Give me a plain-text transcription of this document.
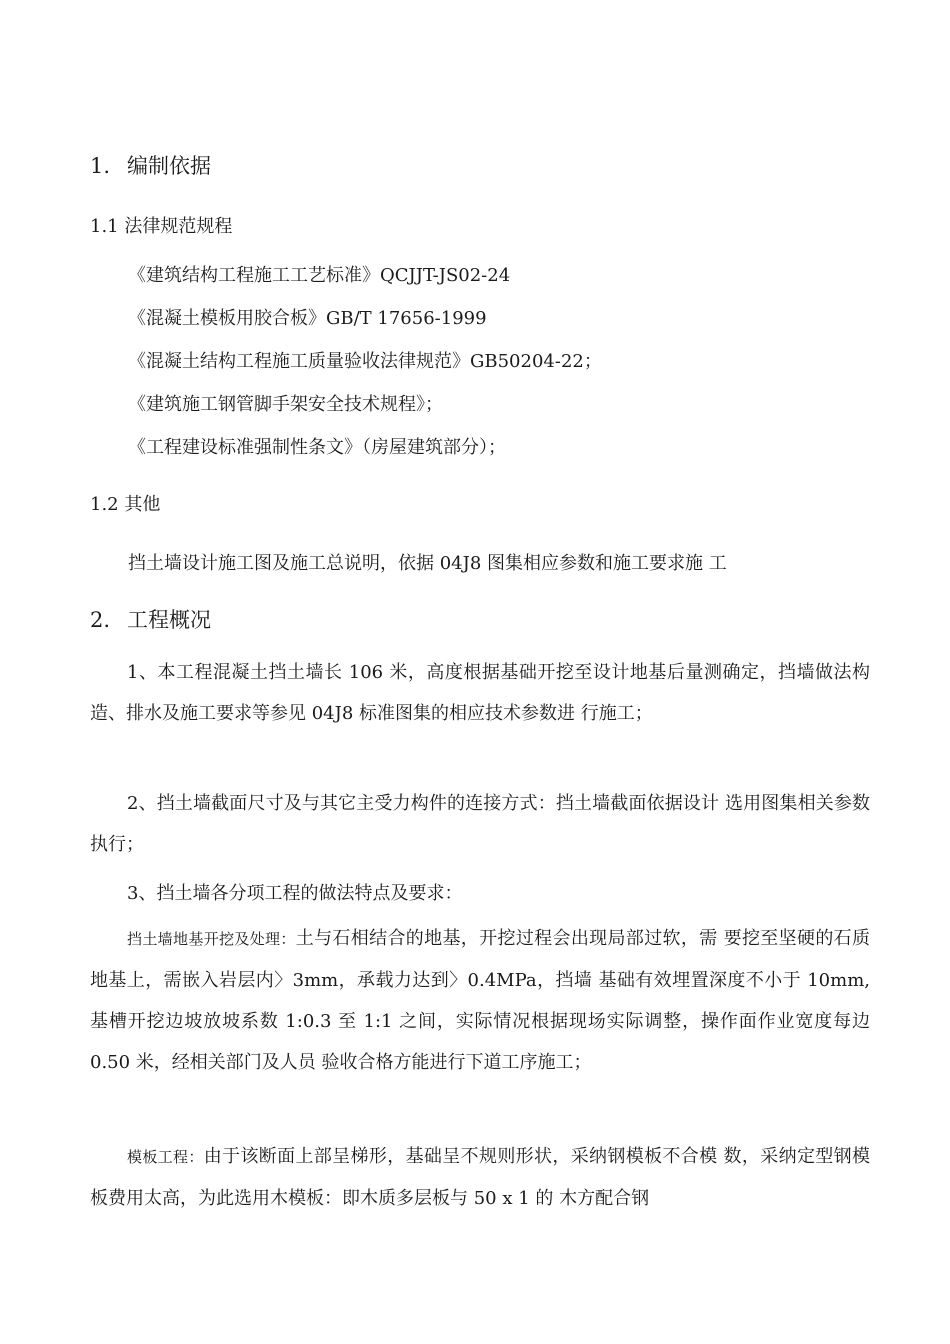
1. 编制依据
1.1 法律规范规程
《建筑结构工程施工工艺标准》QCJJT-JS02-24
《混凝土模板用胶合板》GB/T 17656-1999
《混凝土结构工程施工质量验收法律规范》GB50204-22；
《建筑施工钢管脚手架安全技术规程》；
《工程建设标准强制性条文》（房屋建筑部分）；
1.2 其他
挡土墙设计施工图及施工总说明，依据 04J8 图集相应参数和施工要求施 工
2. 工程概况
1、本工程混凝土挡土墙长 106 米，高度根据基础开挖至设计地基后量测确定，挡墙做法构造、排水及施工要求等参见 04J8 标准图集的相应技术参数进 行施工；
2、挡土墙截面尺寸及与其它主受力构件的连接方式：挡土墙截面依据设计 选用图集相关参数执行；
3、挡土墙各分项工程的做法特点及要求：
挡土墙地基开挖及处理：土与石相结合的地基，开挖过程会出现局部过软，需 要挖至坚硬的石质地基上，需嵌入岩层内〉3mm，承载力达到〉0.4MPa，挡墙 基础有效埋置深度不小于 10mm,基槽开挖边坡放坡系数 1:0.3 至 1:1 之间，实际情况根据现场实际调整，操作面作业宽度每边 0.50 米，经相关部门及人员 验收合格方能进行下道工序施工；
模板工程：由于该断面上部呈梯形，基础呈不规则形状，采纳钢模板不合模 数，采纳定型钢模板费用太高，为此选用木模板：即木质多层板与 50 x 1 的 木方配合钢
